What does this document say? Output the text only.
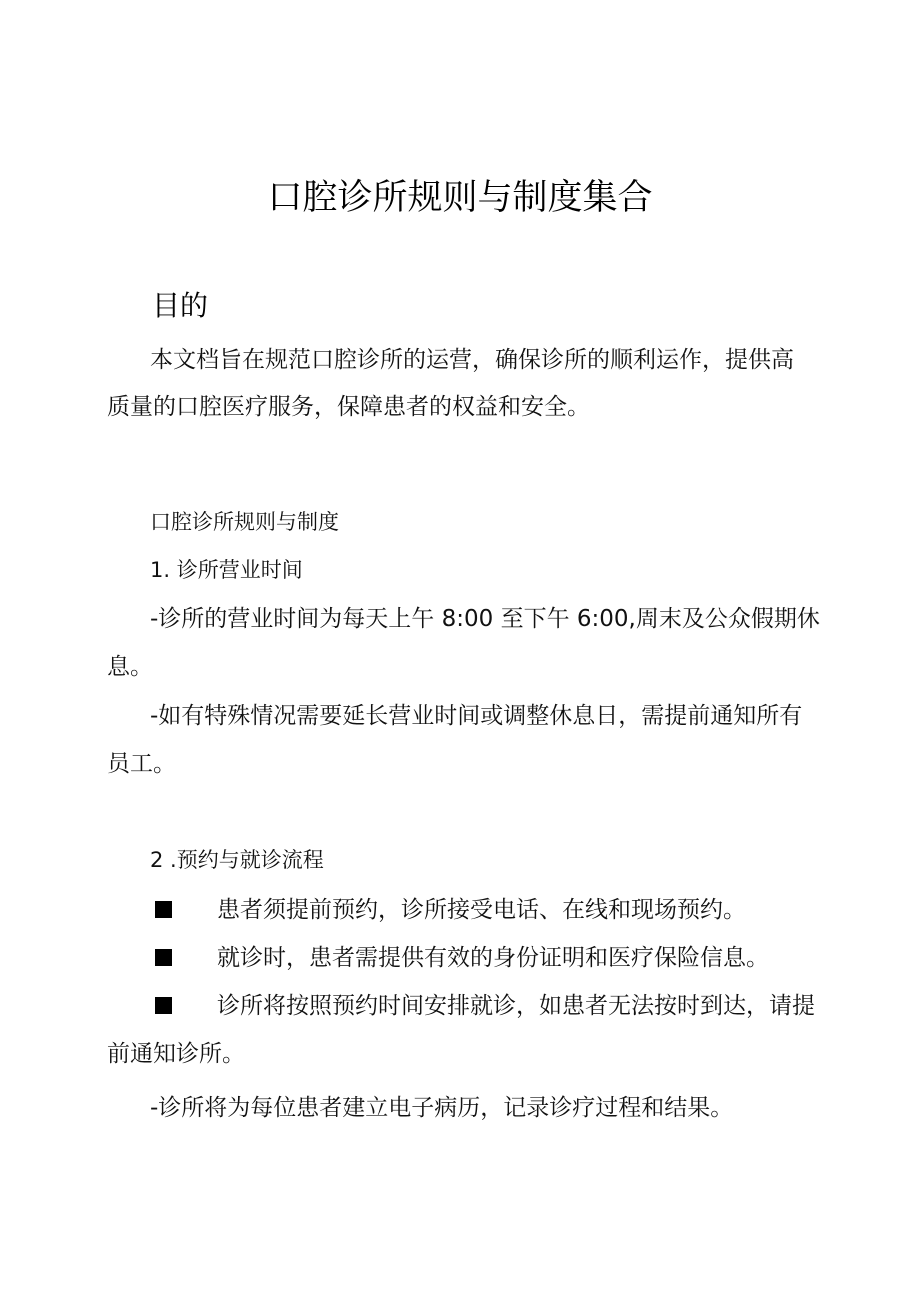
口腔诊所规则与制度集合
目的
本文档旨在规范口腔诊所的运营，确保诊所的顺利运作，提供高
质量的口腔医疗服务，保障患者的权益和安全。
口腔诊所规则与制度
1. 诊所营业时间
-诊所的营业时间为每天上午 8:00 至下午 6:00,周末及公众假期休
息。
-如有特殊情况需要延长营业时间或调整休息日，需提前通知所有
员工。
2 .预约与就诊流程
患者须提前预约，诊所接受电话、在线和现场预约。
就诊时，患者需提供有效的身份证明和医疗保险信息。
诊所将按照预约时间安排就诊，如患者无法按时到达，请提
前通知诊所。
-诊所将为每位患者建立电子病历，记录诊疗过程和结果。
